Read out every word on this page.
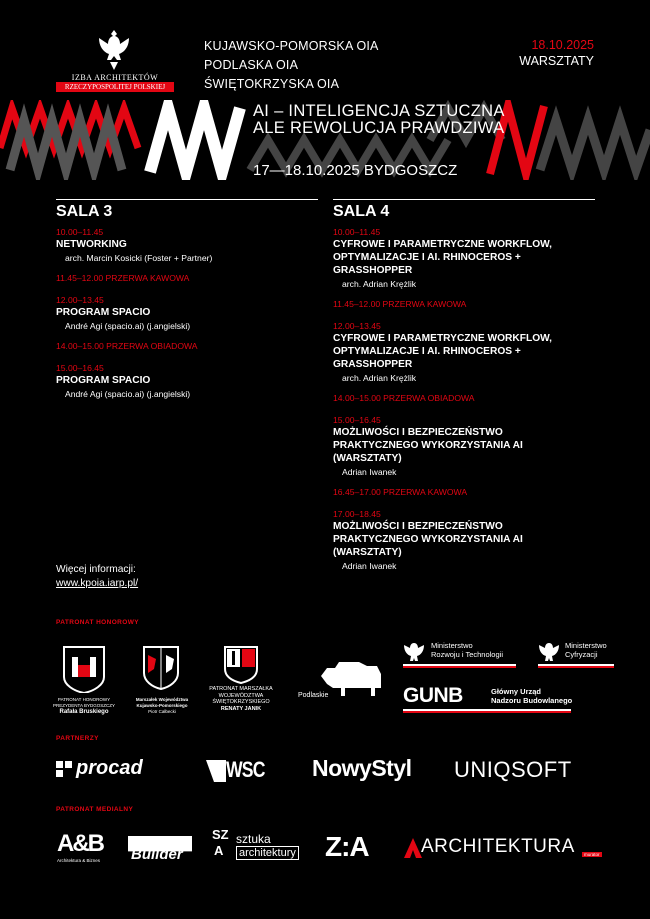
IZBA ARCHITEKTÓW
RZECZYPOSPOLITEJ POLSKIEJ
KUJAWSKO-POMORSKA OIA
PODLASKA OIA
ŚWIĘTOKRZYSKA OIA
18.10.2025
WARSZTATY
AI – INTELIGENCJA SZTUCZNA
ALE REWOLUCJA PRAWDZIWA
17—18.10.2025 BYDGOSZCZ
SALA 3
10.00–11.45
NETWORKING
arch. Marcin Kosicki (Foster + Partner)
11.45–12.00 PRZERWA KAWOWA
12.00–13.45
PROGRAM SPACIO
André Agi (spacio.ai) (j.angielski)
14.00–15.00 PRZERWA OBIADOWA
15.00–16.45
PROGRAM SPACIO
André Agi (spacio.ai) (j.angielski)
SALA 4
10.00–11.45
CYFROWE I PARAMETRYCZNE WORKFLOW, OPTYMALIZACJE I AI. RHINOCEROS + GRASSHOPPER
arch. Adrian Krężlik
11.45–12.00 PRZERWA KAWOWA
12.00–13.45
CYFROWE I PARAMETRYCZNE WORKFLOW, OPTYMALIZACJE I AI. RHINOCEROS + GRASSHOPPER
arch. Adrian Krężlik
14.00–15.00 PRZERWA OBIADOWA
15.00–16.45
MOŻLIWOŚCI I BEZPIECZEŃSTWO PRAKTYCZNEGO WYKORZYSTANIA AI (WARSZTATY)
Adrian Iwanek
16.45–17.00 PRZERWA KAWOWA
17.00–18.45
MOŻLIWOŚCI I BEZPIECZEŃSTWO PRAKTYCZNEGO WYKORZYSTANIA AI (WARSZTATY)
Adrian Iwanek
Więcej informacji:
www.kpoia.iarp.pl/
PATRONAT HONOROWY
PATRONAT HONOROWY
PREZYDENTA BYDGOSZCZY
Rafała Bruskiego
Marszałek Województwa
Kujawsko-Pomorskiego
Piotr Całbecki
PATRONAT MARSZAŁKA
WOJEWÓDZTWA
ŚWIĘTOKRZYSKIEGO
RENATY JANIK
Podlaskie
Ministerstwo
Rozwoju i Technologii
Ministerstwo
Cyfryzacji
GUNB	Główny Urząd
Nadzoru Budowlanego
PARTNERZY
procad	WSC NowyStyl UNIQSOFT
PATRONAT MEDIALNY
A&B
Architektura & Biznes Builder
SZ
A
sztuka
architektury Z:A	ARCHITEKTURA	murator
